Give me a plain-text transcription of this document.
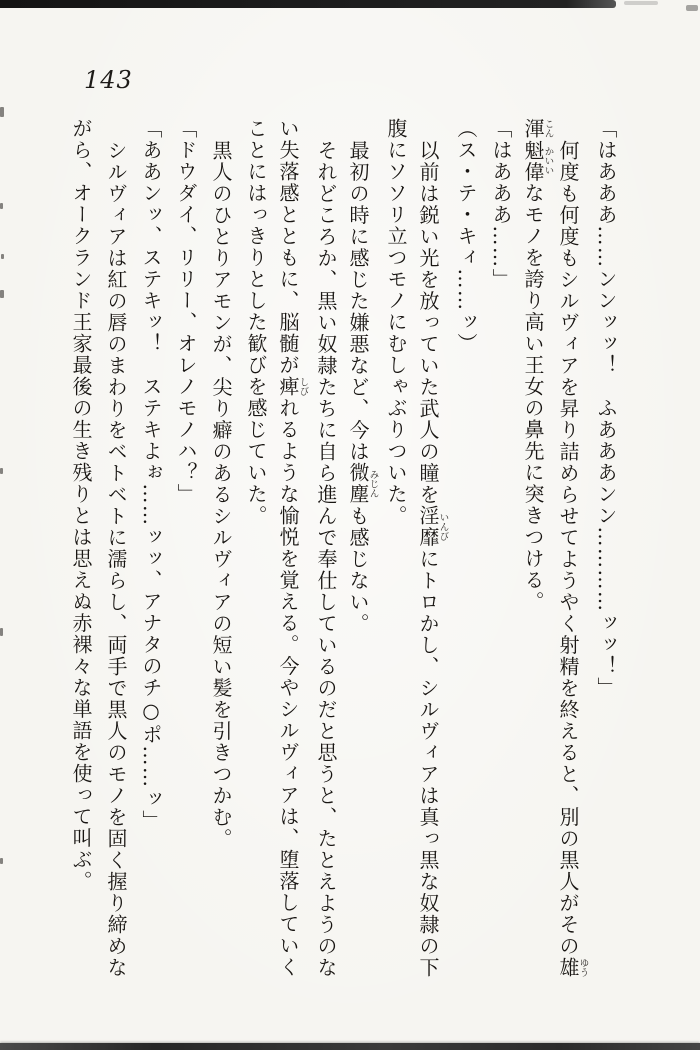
143
「はあああ……ンンッッ！　ふあああンン…………ッッ！」
何度も何度もシルヴィアを昇り詰めらせてようやく射精を終えると、別の黒人がその雄ゆう
渾こん魁偉かいいなモノを誇り高い王女の鼻先に突きつける。
「はあああ……」
（ス・テ・キィ……ッ）
以前は鋭い光を放っていた武人の瞳を淫靡いんびにトロかし、シルヴィアは真っ黒な奴隷の下
腹にソソリ立つモノにむしゃぶりついた。
最初の時に感じた嫌悪など、今は微塵みじんも感じない。
それどころか、黒い奴隷たちに自ら進んで奉仕しているのだと思うと、たとえようのな
い失落感とともに、脳髄が痺しびれるような愉悦を覚える。今やシルヴィアは、堕落していく
ことにはっきりとした歓びを感じていた。
黒人のひとりアモンが、尖り癖のあるシルヴィアの短い髪を引きつかむ。
「ドウダイ、リリー、オレノモノハ？」
「ああンッ、ステキッ！　ステキよぉ……ッッ、アナタのチ○ポ……ッ」
シルヴィアは紅の唇のまわりをベトベトに濡らし、両手で黒人のモノを固く握り締めな
がら、オークランド王家最後の生き残りとは思えぬ赤裸々な単語を使って叫ぶ。
